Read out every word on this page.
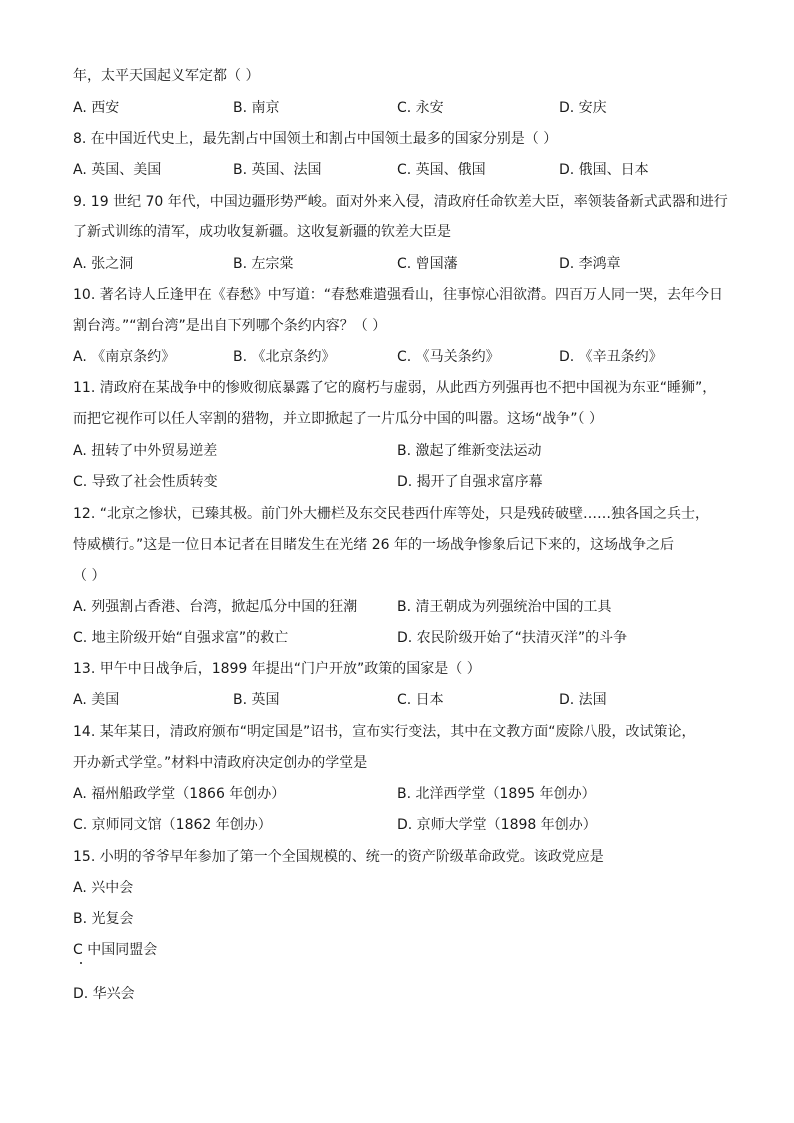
年，太平天国起义军定都（ ）
A. 西安	B. 南京	C. 永安	D. 安庆
8. 在中国近代史上，最先割占中国领土和割占中国领土最多的国家分别是（ ）
A. 英国、美国	B. 英国、法国	C. 英国、俄国	D. 俄国、日本
9. 19 世纪 70 年代，中国边疆形势严峻。面对外来入侵，清政府任命钦差大臣，率领装备新式武器和进行
了新式训练的清军，成功收复新疆。这收复新疆的钦差大臣是
A. 张之洞	B. 左宗棠	C. 曾国藩	D. 李鸿章
10. 著名诗人丘逢甲在《春愁》中写道：“春愁难遣强看山，往事惊心泪欲潸。四百万人同一哭，去年今日
割台湾。”“割台湾”是出自下列哪个条约内容？（ ）
A. 《南京条约》	B. 《北京条约》	C. 《马关条约》	D. 《辛丑条约》
11. 清政府在某战争中的惨败彻底暴露了它的腐朽与虚弱，从此西方列强再也不把中国视为东亚“睡狮”，
而把它视作可以任人宰割的猎物，并立即掀起了一片瓜分中国的叫嚣。这场“战争”（ ）
A. 扭转了中外贸易逆差	B. 激起了维新变法运动
C. 导致了社会性质转变	D. 揭开了自强求富序幕
12. “北京之惨状，已臻其极。前门外大栅栏及东交民巷西什库等处，只是残砖破壁……独各国之兵士，
恃威横行。”这是一位日本记者在目睹发生在光绪 26 年的一场战争惨象后记下来的，这场战争之后
（ ）
A. 列强割占香港、台湾，掀起瓜分中国的狂潮	B. 清王朝成为列强统治中国的工具
C. 地主阶级开始“自强求富”的救亡	D. 农民阶级开始了“扶清灭洋”的斗争
13. 甲午中日战争后，1899 年提出“门户开放”政策的国家是（ ）
A. 美国	B. 英国	C. 日本	D. 法国
14. 某年某日，清政府颁布“明定国是”诏书，宣布实行变法，其中在文教方面“废除八股，改试策论，
开办新式学堂。”材料中清政府决定创办的学堂是
A. 福州船政学堂（1866 年创办）	B. 北洋西学堂（1895 年创办）
C. 京师同文馆（1862 年创办）	D. 京师大学堂（1898 年创办）
15. 小明的爷爷早年参加了第一个全国规模的、统一的资产阶级革命政党。该政党应是
A. 兴中会
B. 光复会
C 中国同盟会
D. 华兴会
